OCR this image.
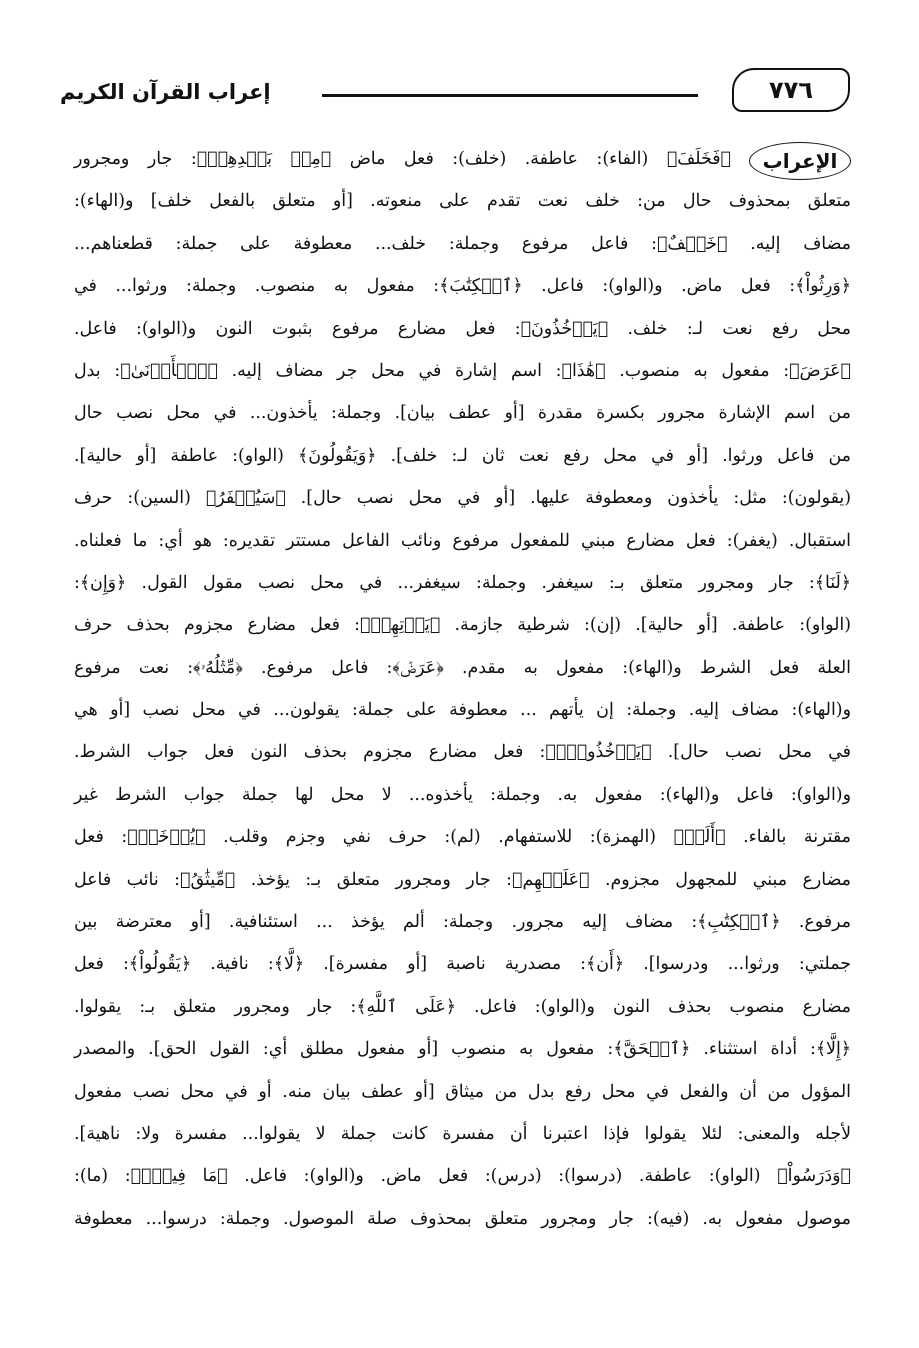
٧٧٦
إعراب القرآن الكريم
الإعراب
﴿فَخَلَفَ﴾ (الفاء): عاطفة. (خلف): فعل ماض ﴿مِنۢ بَعۡدِهِمۡ﴾: جار ومجرور
متعلق بمحذوف حال من: خلف نعت تقدم على منعوته. [أو متعلق بالفعل خلف] و(الهاء):
مضاف إليه. ﴿خَلۡفٌ﴾: فاعل مرفوع وجملة: خلف... معطوفة على جملة: قطعناهم...
﴿وَرِثُواْ﴾: فعل ماض. و(الواو): فاعل. ﴿ٱلۡكِتَٰبَ﴾: مفعول به منصوب. وجملة: ورثوا... في
محل رفع نعت لـ: خلف. ﴿يَأۡخُذُونَ﴾: فعل مضارع مرفوع بثبوت النون و(الواو): فاعل.
﴿عَرَضَ﴾: مفعول به منصوب. ﴿هَٰذَا﴾: اسم إشارة في محل جر مضاف إليه. ﴿ٱلۡأَدۡنَىٰ﴾: بدل
من اسم الإشارة مجرور بكسرة مقدرة [أو عطف بيان]. وجملة: يأخذون... في محل نصب حال
من فاعل ورثوا. [أو في محل رفع نعت ثان لـ: خلف]. ﴿وَيَقُولُونَ﴾ (الواو): عاطفة [أو حالية].
(يقولون): مثل: يأخذون ومعطوفة عليها. [أو في محل نصب حال]. ﴿سَيُغۡفَرُ﴾ (السين): حرف
استقبال. (يغفر): فعل مضارع مبني للمفعول مرفوع ونائب الفاعل مستتر تقديره: هو أي: ما فعلناه.
﴿لَنَا﴾: جار ومجرور متعلق بـ: سيغفر. وجملة: سيغفر... في محل نصب مقول القول. ﴿وَإِن﴾:
(الواو): عاطفة. [أو حالية]. (إن): شرطية جازمة. ﴿يَأۡتِهِمۡ﴾: فعل مضارع مجزوم بحذف حرف
العلة فعل الشرط و(الهاء): مفعول به مقدم. ﴿عَرَضٞ﴾: فاعل مرفوع. ﴿مِّثۡلُهُۥ﴾: نعت مرفوع
و(الهاء): مضاف إليه. وجملة: إن يأتهم ... معطوفة على جملة: يقولون... في محل نصب [أو هي
في محل نصب حال]. ﴿يَأۡخُذُوهُۚ﴾: فعل مضارع مجزوم بحذف النون فعل جواب الشرط.
و(الواو): فاعل و(الهاء): مفعول به. وجملة: يأخذوه... لا محل لها جملة جواب الشرط غير
مقترنة بالفاء. ﴿أَلَمۡ﴾ (الهمزة): للاستفهام. (لم): حرف نفي وجزم وقلب. ﴿يُؤۡخَذۡ﴾: فعل
مضارع مبني للمجهول مجزوم. ﴿عَلَيۡهِم﴾: جار ومجرور متعلق بـ: يؤخذ. ﴿مِّيثَٰقُ﴾: نائب فاعل
مرفوع. ﴿ٱلۡكِتَٰبِ﴾: مضاف إليه مجرور. وجملة: ألم يؤخذ ... استئنافية. [أو معترضة بين
جملتي: ورثوا... ودرسوا]. ﴿أَن﴾: مصدرية ناصبة [أو مفسرة]. ﴿لَّا﴾: نافية. ﴿يَقُولُواْ﴾: فعل
مضارع منصوب بحذف النون و(الواو): فاعل. ﴿عَلَى ٱللَّهِ﴾: جار ومجرور متعلق بـ: يقولوا.
﴿إِلَّا﴾: أداة استثناء. ﴿ٱلۡحَقَّ﴾: مفعول به منصوب [أو مفعول مطلق أي: القول الحق]. والمصدر
المؤول من أن والفعل في محل رفع بدل من ميثاق [أو عطف بيان منه. أو في محل نصب مفعول
لأجله والمعنى: لئلا يقولوا فإذا اعتبرنا أن مفسرة كانت جملة لا يقولوا... مفسرة ولا: ناهية].
﴿وَدَرَسُواْ﴾ (الواو): عاطفة. (درسوا): (درس): فعل ماض. و(الواو): فاعل. ﴿مَا فِيهِۗ﴾: (ما):
موصول مفعول به. (فيه): جار ومجرور متعلق بمحذوف صلة الموصول. وجملة: درسوا... معطوفة
